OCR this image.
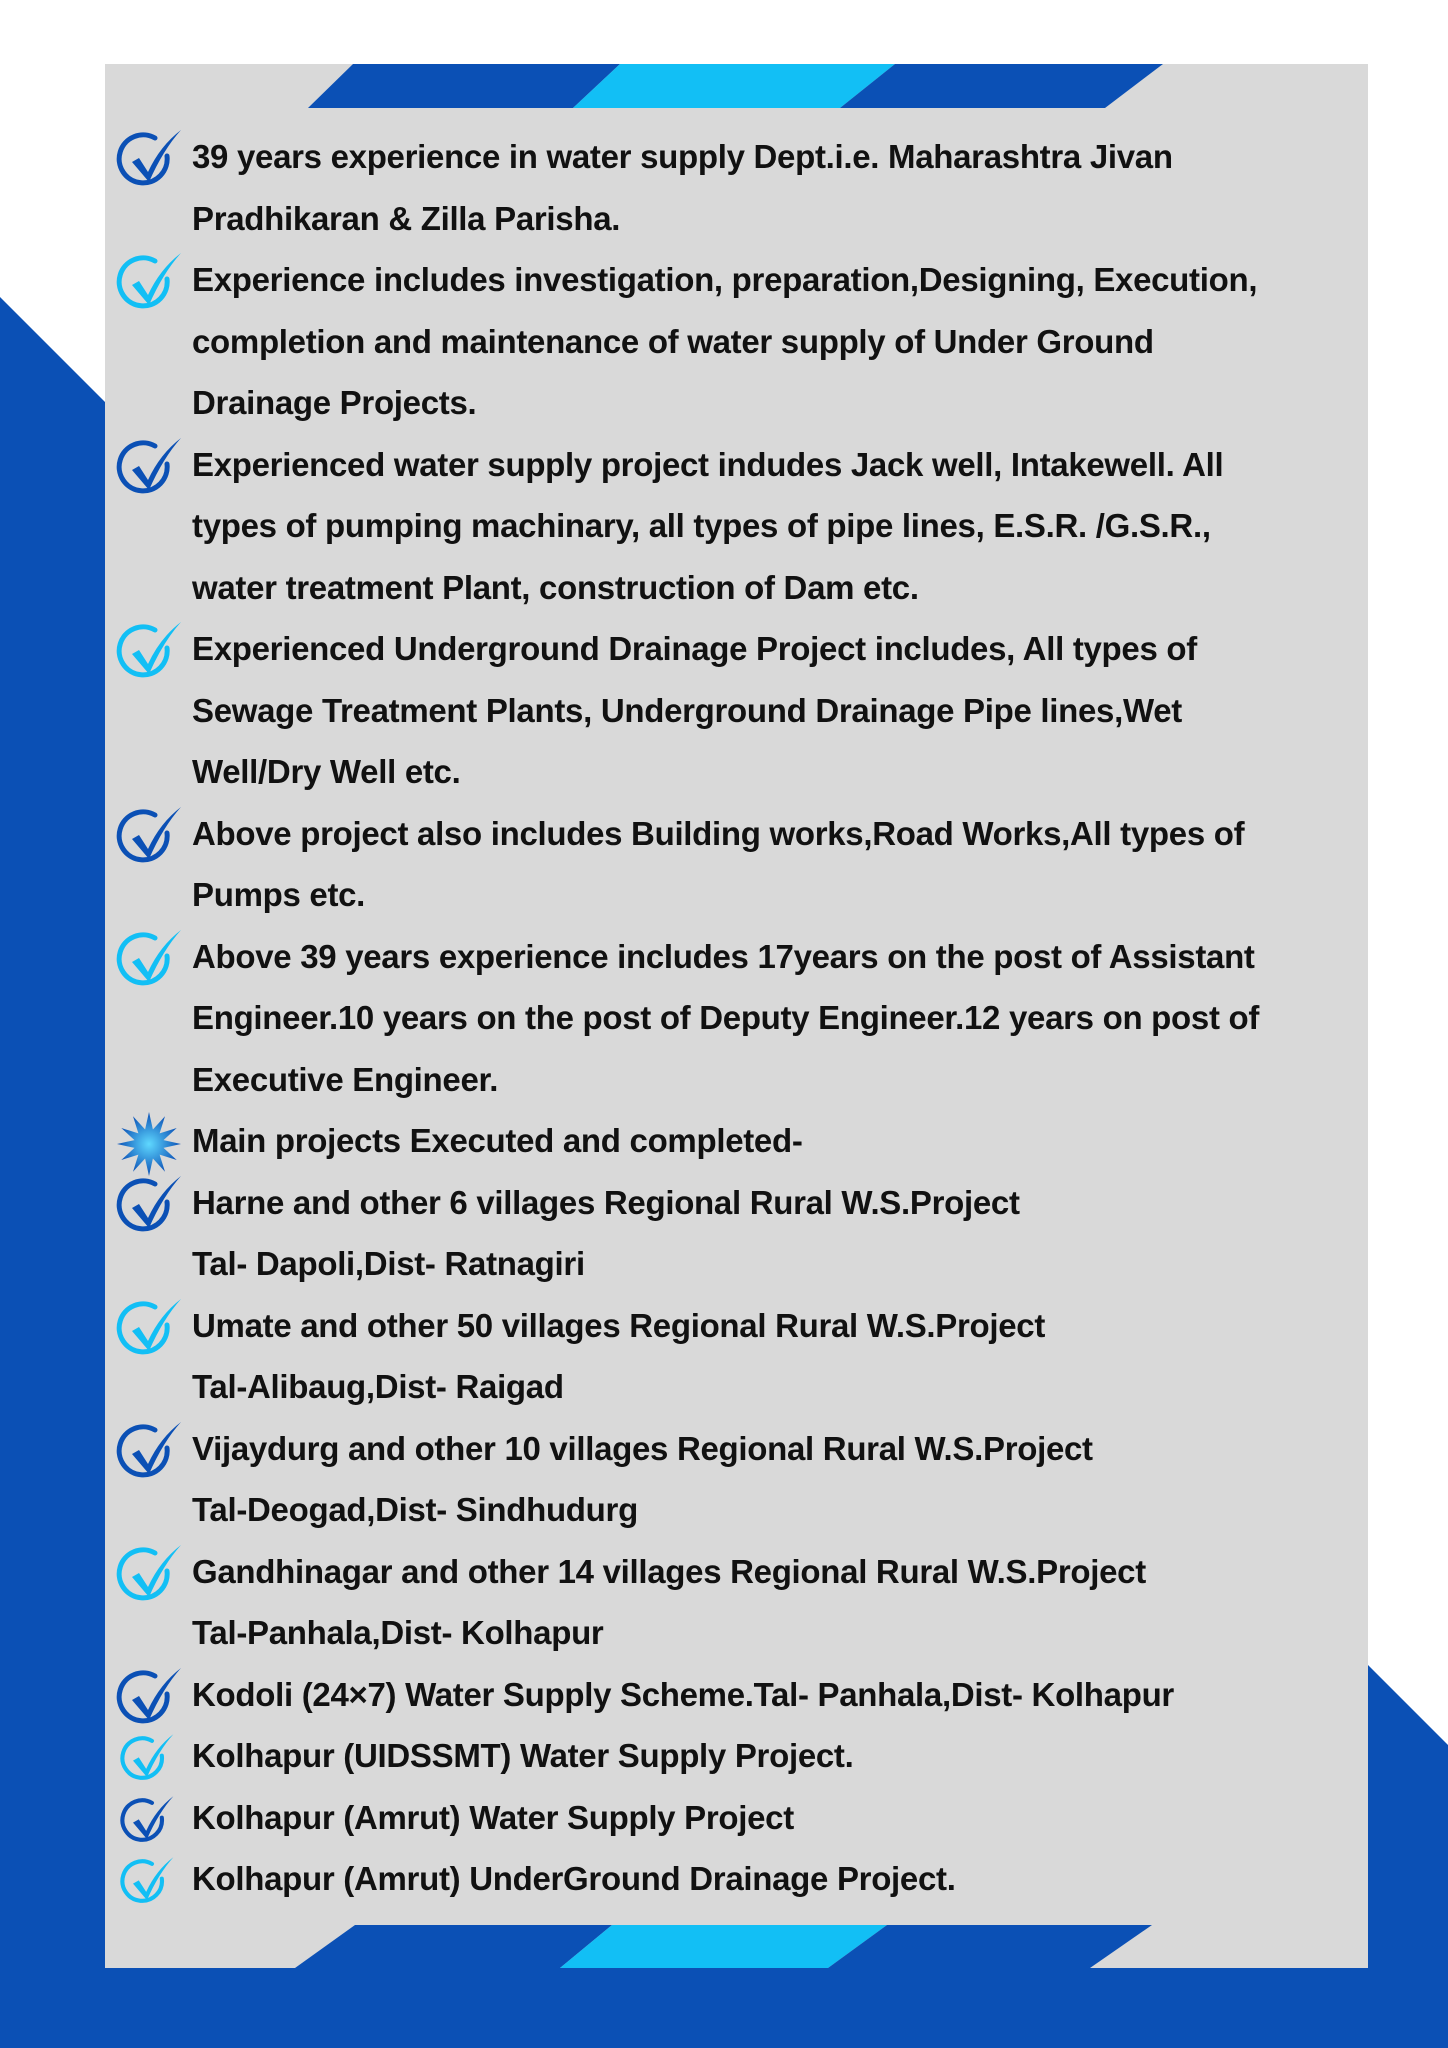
39 years experience in water supply Dept.i.e. Maharashtra Jivan
Pradhikaran & Zilla Parisha.
Experience includes investigation, preparation,Designing, Execution,
completion and maintenance of water supply of Under Ground
Drainage Projects.
Experienced water supply project indudes Jack well, Intakewell. All
types of pumping machinary, all types of pipe lines, E.S.R. /G.S.R.,
water treatment Plant, construction of Dam etc.
Experienced Underground Drainage Project includes, All types of
Sewage Treatment Plants, Underground Drainage Pipe lines,Wet
Well/Dry Well etc.
Above project also includes Building works,Road Works,All types of
Pumps etc.
Above 39 years experience includes 17years on the post of Assistant
Engineer.10 years on the post of Deputy Engineer.12 years on post of
Executive Engineer.
Main projects Executed and completed-
Harne and other 6 villages Regional Rural W.S.Project
Tal- Dapoli,Dist- Ratnagiri
Umate and other 50 villages Regional Rural W.S.Project
Tal-Alibaug,Dist- Raigad
Vijaydurg and other 10 villages Regional Rural W.S.Project
Tal-Deogad,Dist- Sindhudurg
Gandhinagar and other 14 villages Regional Rural W.S.Project
Tal-Panhala,Dist- Kolhapur
Kodoli (24×7) Water Supply Scheme.Tal- Panhala,Dist- Kolhapur
Kolhapur (UIDSSMT) Water Supply Project.
Kolhapur (Amrut) Water Supply Project
Kolhapur (Amrut) UnderGround Drainage Project.
